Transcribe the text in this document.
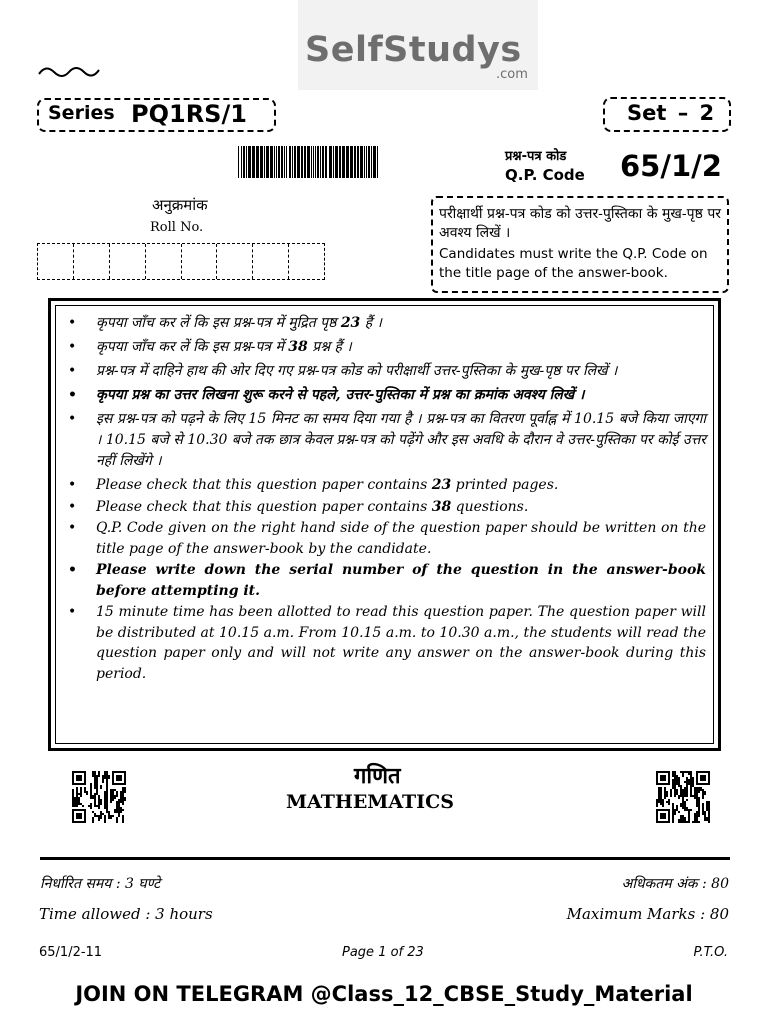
SelfStudys
.com
Series PQ1RS/1	Set – 2
प्रश्न-पत्र कोड
Q.P. Code 65/1/2
अनुक्रमांक
Roll No.
परीक्षार्थी प्रश्न-पत्र कोड को उत्तर-पुस्तिका के मुख-पृष्ठ पर अवश्य लिखें ।
Candidates must write the Q.P. Code on the title page of the answer-book.
• कृपया जाँच कर लें कि इस प्रश्न-पत्र में मुद्रित पृष्ठ 23 हैं ।
• कृपया जाँच कर लें कि इस प्रश्न-पत्र में 38 प्रश्न हैं ।
• प्रश्न-पत्र में दाहिने हाथ की ओर दिए गए प्रश्न-पत्र कोड को परीक्षार्थी उत्तर-पुस्तिका के मुख-पृष्ठ पर लिखें ।
• कृपया प्रश्न का उत्तर लिखना शुरू करने से पहले, उत्तर-पुस्तिका में प्रश्न का क्रमांक अवश्य लिखें ।
• इस प्रश्न-पत्र को पढ़ने के लिए 15 मिनट का समय दिया गया है । प्रश्न-पत्र का वितरण पूर्वाह्न में 10.15 बजे किया जाएगा । 10.15 बजे से 10.30 बजे तक छात्र केवल प्रश्न-पत्र को पढ़ेंगे और इस अवधि के दौरान वे उत्तर-पुस्तिका पर कोई उत्तर नहीं लिखेंगे ।
• Please check that this question paper contains 23 printed pages.
• Please check that this question paper contains 38 questions.
• Q.P. Code given on the right hand side of the question paper should be written on the title page of the answer-book by the candidate.
• Please write down the serial number of the question in the answer-book before attempting it.
• 15 minute time has been allotted to read this question paper. The question paper will be distributed at 10.15 a.m. From 10.15 a.m. to 10.30 a.m., the students will read the question paper only and will not write any answer on the answer-book during this period.
गणित
MATHEMATICS
निर्धारित समय : 3 घण्टे	अधिकतम अंक : 80
Time allowed : 3 hours	Maximum Marks : 80
65/1/2-11	Page 1 of 23	P.T.O.
JOIN ON TELEGRAM @Class_12_CBSE_Study_Material
